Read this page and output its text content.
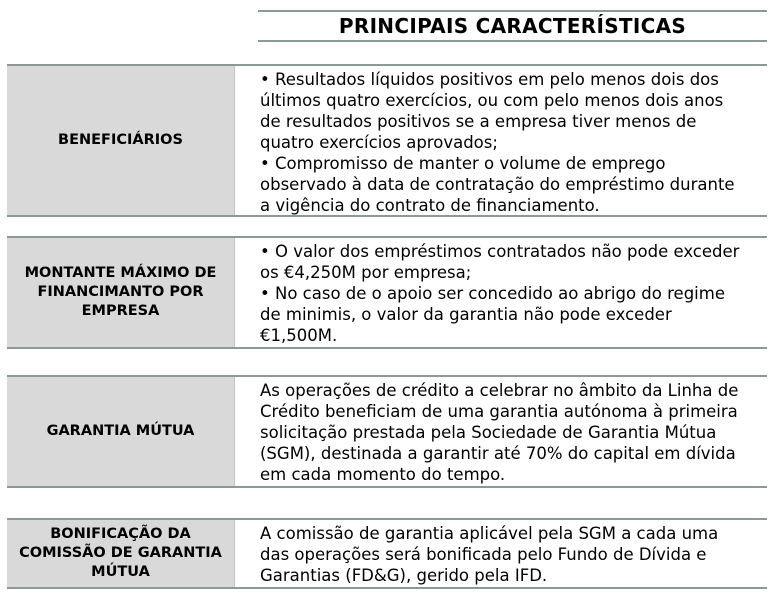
PRINCIPAIS CARACTERÍSTICAS
BENEFICIÁRIOS
• Resultados líquidos positivos em pelo menos dois dos
últimos quatro exercícios, ou com pelo menos dois anos
de resultados positivos se a empresa tiver menos de
quatro exercícios aprovados;
• Compromisso de manter o volume de emprego
observado à data de contratação do empréstimo durante
a vigência do contrato de financiamento.
MONTANTE MÁXIMO DE FINANCIMANTO POR EMPRESA
• O valor dos empréstimos contratados não pode exceder
os €4,250M por empresa;
• No caso de o apoio ser concedido ao abrigo do regime
de minimis, o valor da garantia não pode exceder
€1,500M.
GARANTIA MÚTUA
As operações de crédito a celebrar no âmbito da Linha de
Crédito beneficiam de uma garantia autónoma à primeira
solicitação prestada pela Sociedade de Garantia Mútua
(SGM), destinada a garantir até 70% do capital em dívida
em cada momento do tempo.
BONIFICAÇÃO DA COMISSÃO DE GARANTIA MÚTUA
A comissão de garantia aplicável pela SGM a cada uma
das operações será bonificada pelo Fundo de Dívida e
Garantias (FD&G), gerido pela IFD.
